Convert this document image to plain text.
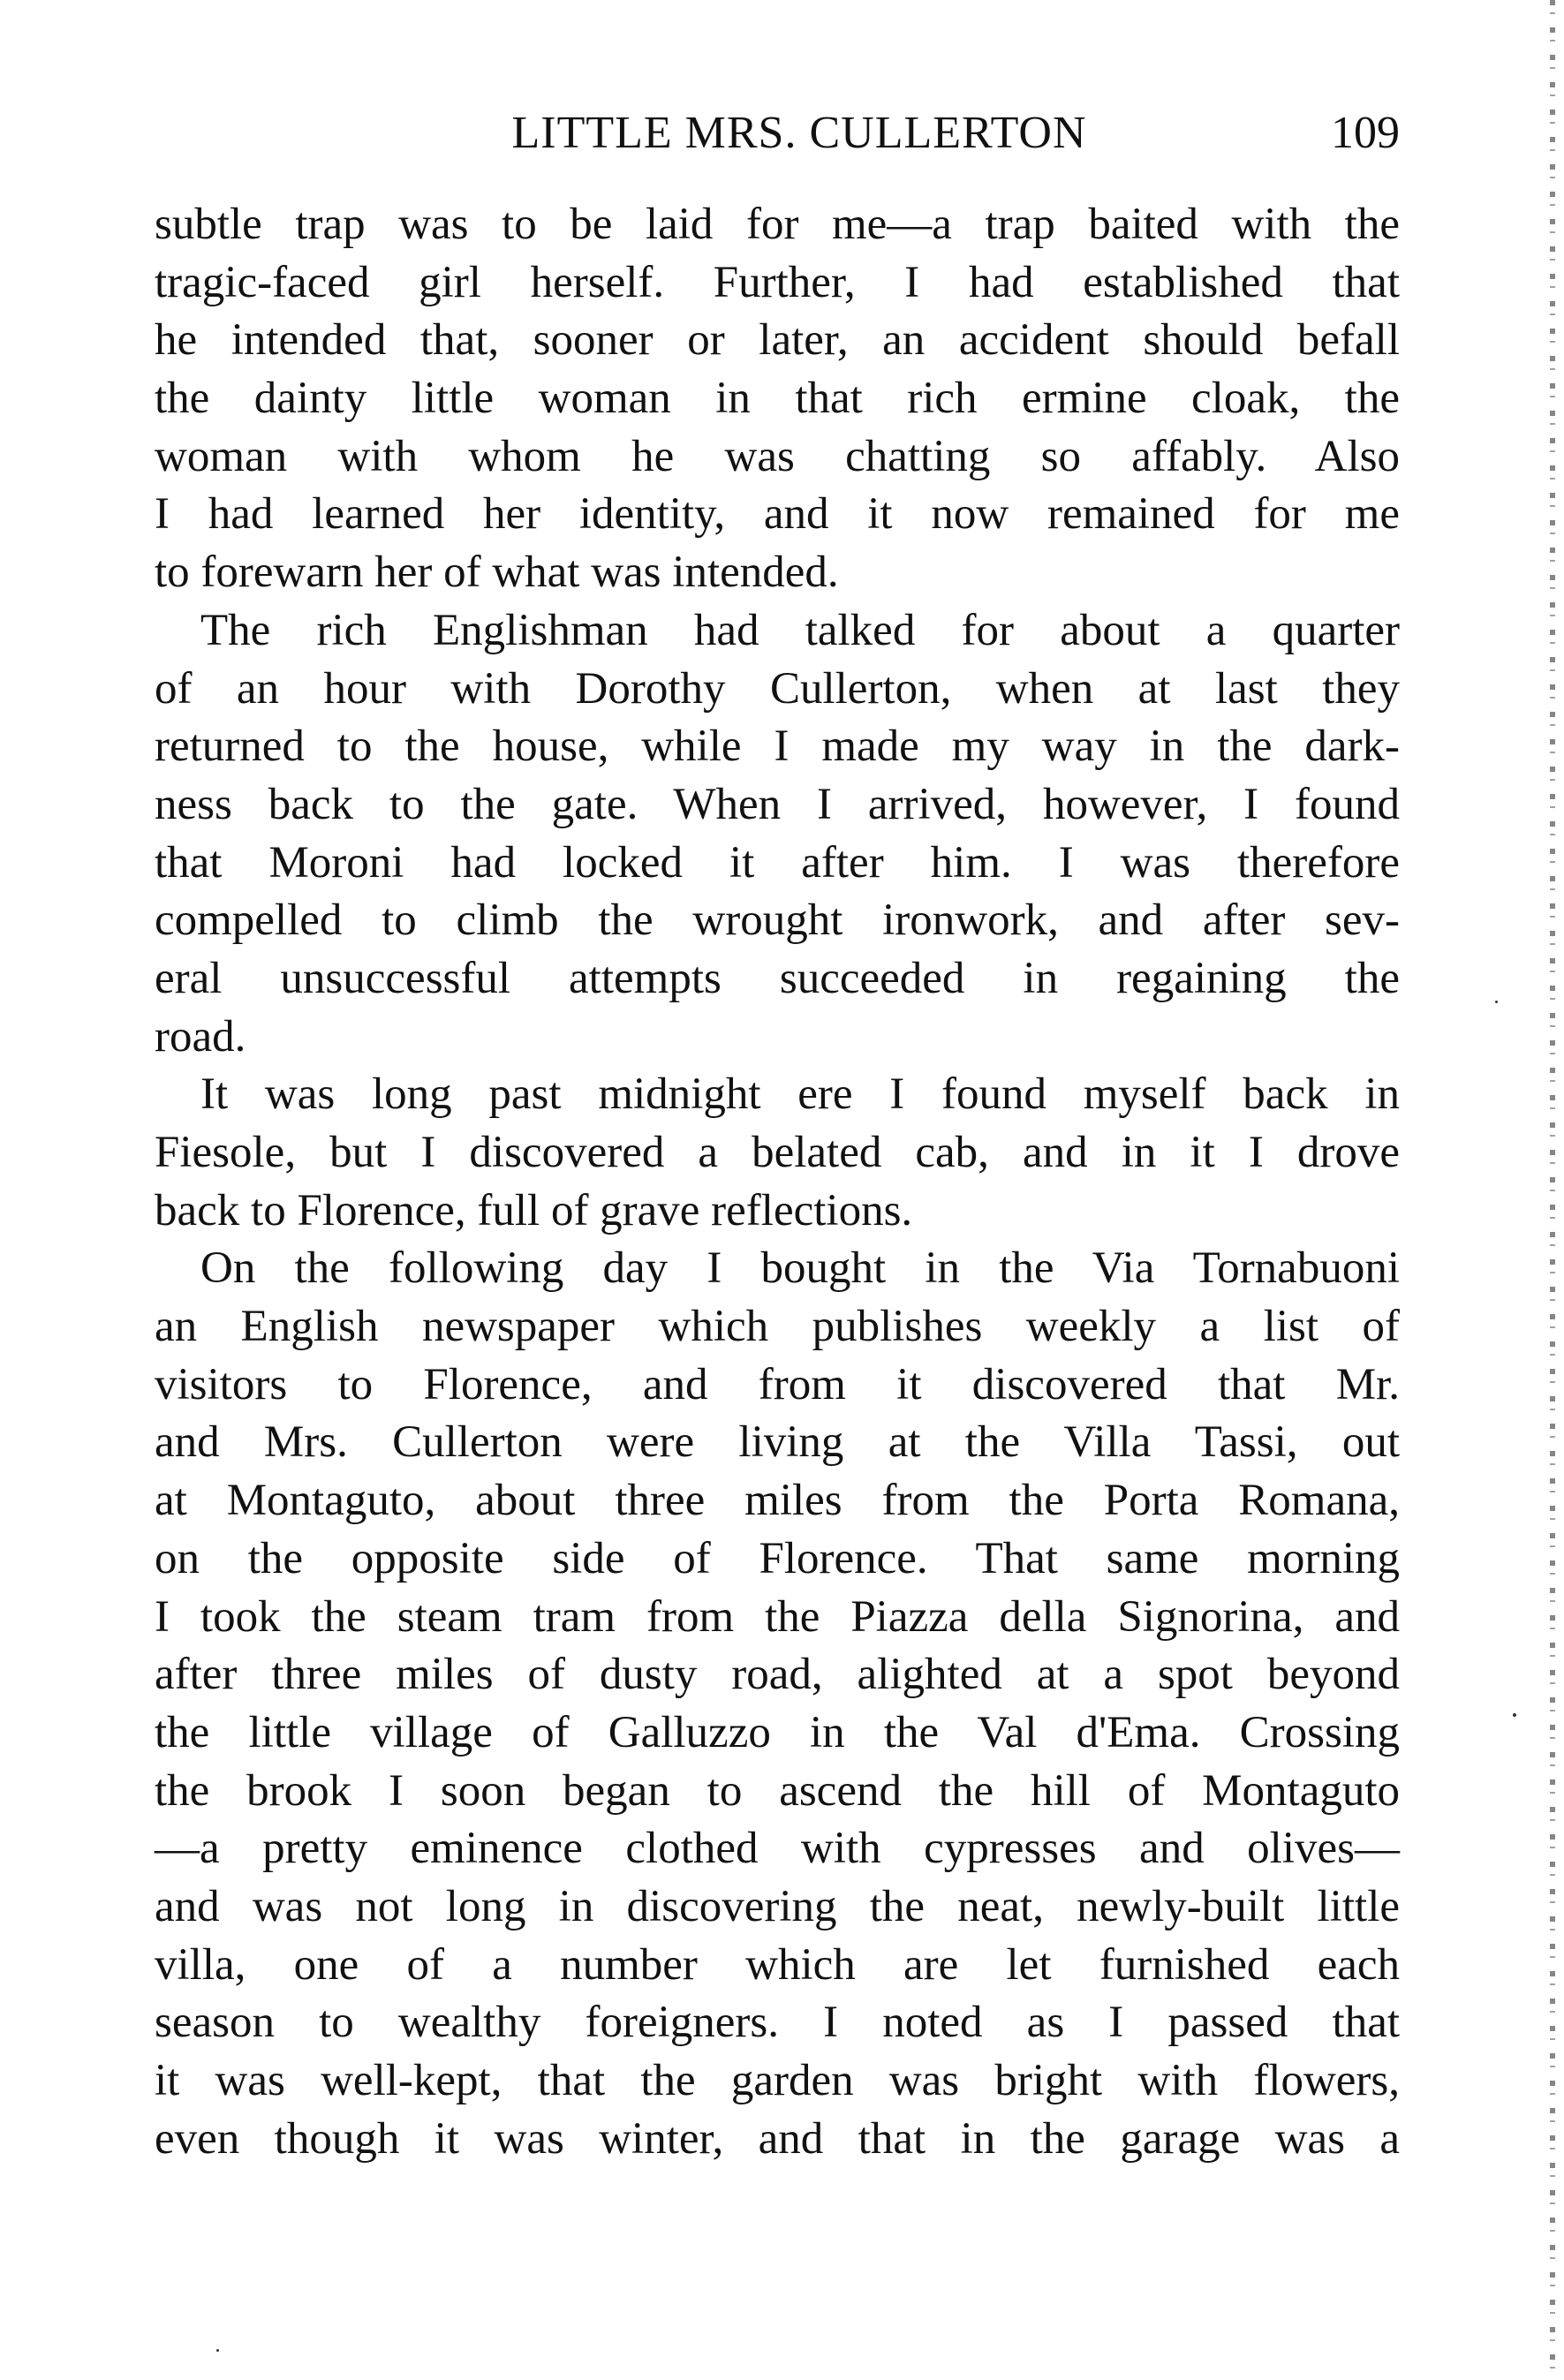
LITTLE MRS. CULLERTON	109
subtle trap was to be laid for me—a trap baited with the
tragic-faced girl herself. Further, I had established that
he intended that, sooner or later, an accident should befall
the dainty little woman in that rich ermine cloak, the
woman with whom he was chatting so affably. Also
I had learned her identity, and it now remained for me
to forewarn her of what was intended.
The rich Englishman had talked for about a quarter
of an hour with Dorothy Cullerton, when at last they
returned to the house, while I made my way in the dark-
ness back to the gate. When I arrived, however, I found
that Moroni had locked it after him. I was therefore
compelled to climb the wrought ironwork, and after sev-
eral unsuccessful attempts succeeded in regaining the
road.
It was long past midnight ere I found myself back in
Fiesole, but I discovered a belated cab, and in it I drove
back to Florence, full of grave reflections.
On the following day I bought in the Via Tornabuoni
an English newspaper which publishes weekly a list of
visitors to Florence, and from it discovered that Mr.
and Mrs. Cullerton were living at the Villa Tassi, out
at Montaguto, about three miles from the Porta Romana,
on the opposite side of Florence. That same morning
I took the steam tram from the Piazza della Signorina, and
after three miles of dusty road, alighted at a spot beyond
the little village of Galluzzo in the Val d'Ema. Crossing
the brook I soon began to ascend the hill of Montaguto
—a pretty eminence clothed with cypresses and olives—
and was not long in discovering the neat, newly-built little
villa, one of a number which are let furnished each
season to wealthy foreigners. I noted as I passed that
it was well-kept, that the garden was bright with flowers,
even though it was winter, and that in the garage was a
